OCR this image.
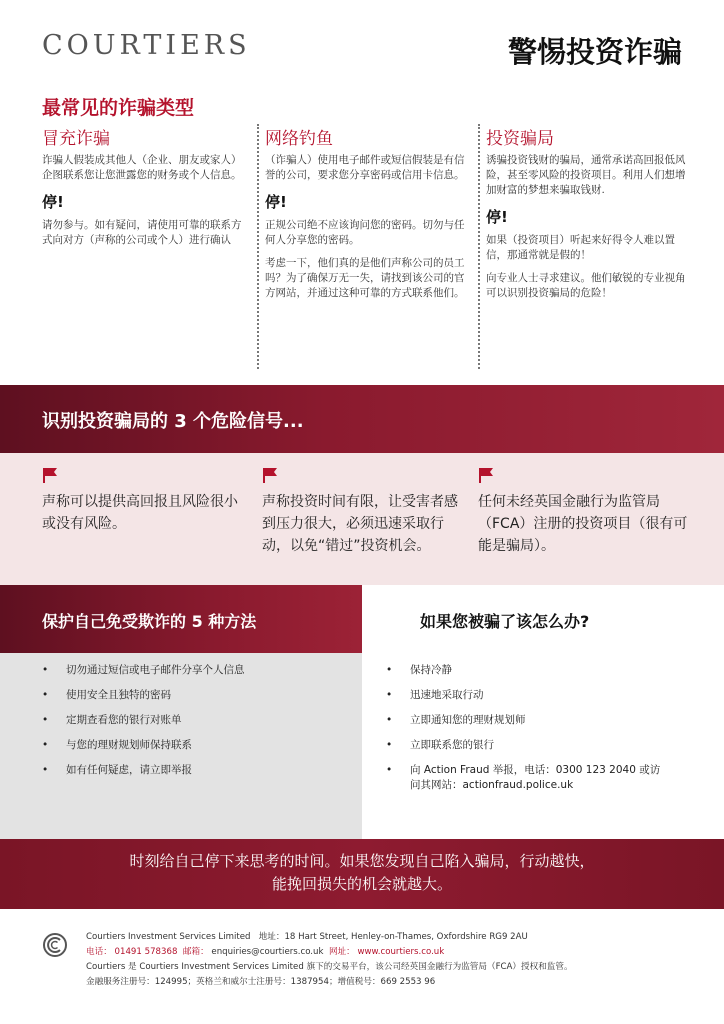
COURTIERS	警惕投资诈骗
最常见的诈骗类型
冒充诈骗

诈骗人假装成其他人（企业、朋友或家人）企图联系您让您泄露您的财务或个人信息。

停!

请勿参与。如有疑问，请使用可靠的联系方式向对方（声称的公司或个人）进行确认

网络钓鱼

（诈骗人）使用电子邮件或短信假装是有信誉的公司，要求您分享密码或信用卡信息。

停!

正规公司绝不应该询问您的密码。切勿与任何人分享您的密码。

考虑一下，他们真的是他们声称公司的员工吗？为了确保万无一失，请找到该公司的官方网站，并通过这种可靠的方式联系他们。

投资骗局

诱骗投资钱财的骗局，通常承诺高回报低风险，甚至零风险的投资项目。利用人们想增加财富的梦想来骗取钱财.

停!

如果（投资项目）听起来好得令人难以置信，那通常就是假的！

向专业人士寻求建议。他们敏锐的专业视角可以识别投资骗局的危险！

识别投资骗局的 3 个危险信号...

声称可以提供高回报且风险很小或没有风险。

声称投资时间有限，让受害者感到压力很大，必须迅速采取行动，以免“错过”投资机会。

任何未经英国金融行为监管局（FCA）注册的投资项目（很有可能是骗局）。

保护自己免受欺诈的 5 种方法	如果您被骗了该怎么办?
• 切勿通过短信或电子邮件分享个人信息
• 使用安全且独特的密码
• 定期查看您的银行对账单
• 与您的理财规划师保持联系
• 如有任何疑虑，请立即举报
• 保持冷静
• 迅速地采取行动
• 立即通知您的理财规划师
• 立即联系您的银行
• 向 Action Fraud 举报，电话：0300 123 2040 或访问其网站：actionfraud.police.uk

时刻给自己停下来思考的时间。如果您发现自己陷入骗局，行动越快，

能挽回损失的机会就越大。

Courtiers Investment Services Limited 地址：18 Hart Street, Henley-on-Thames, Oxfordshire RG9 2AU
电话： 01491 578368 邮箱： enquiries@courtiers.co.uk 网址： www.courtiers.co.uk
Courtiers 是 Courtiers Investment Services Limited 旗下的交易平台，该公司经英国金融行为监管局（FCA）授权和监管。
金融服务注册号：124995；英格兰和威尔士注册号：1387954；增值税号：669 2553 96
